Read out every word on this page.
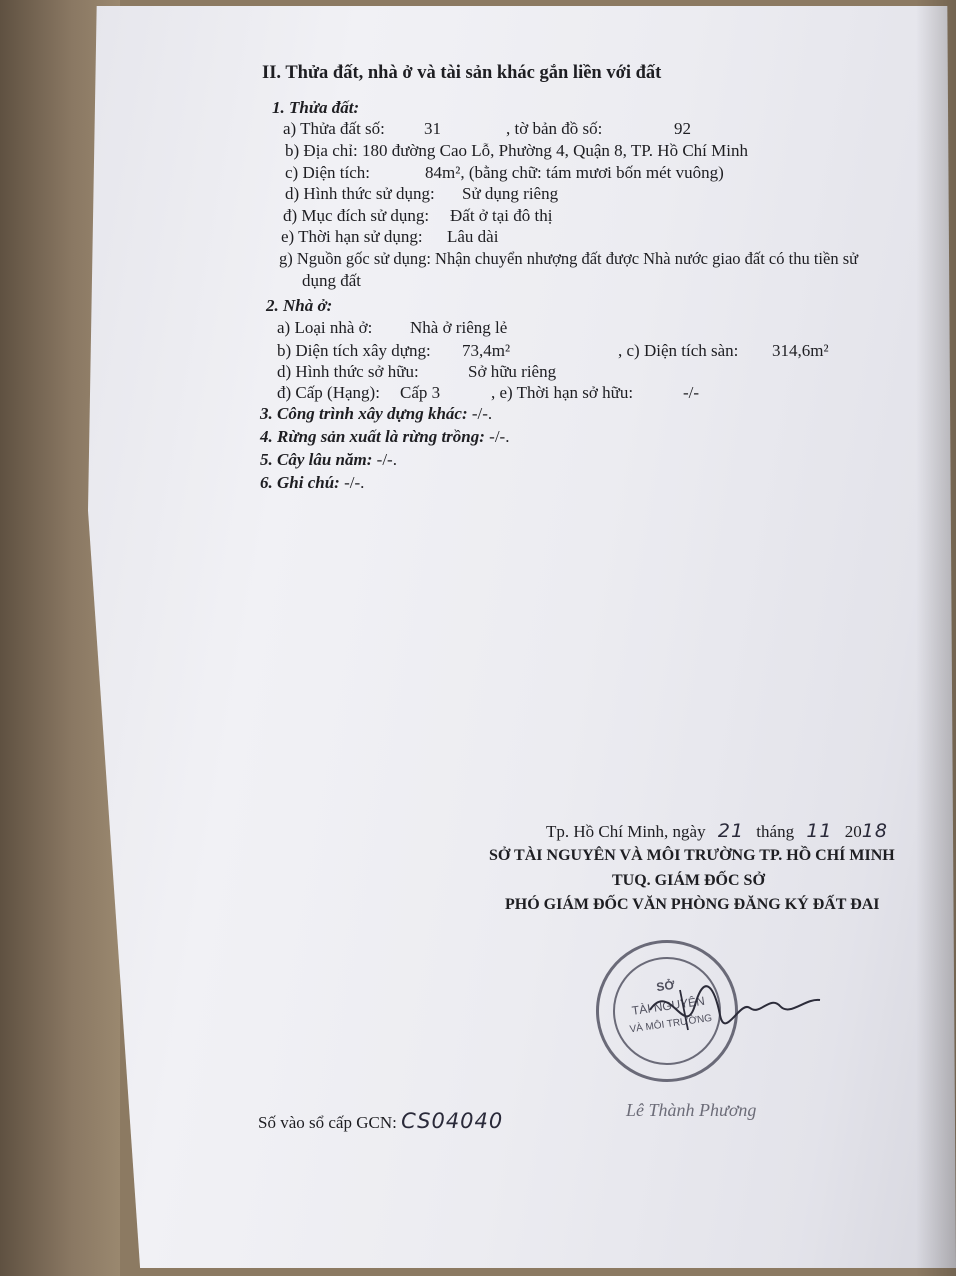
II. Thửa đất, nhà ở và tài sản khác gắn liền với đất
1. Thửa đất:
a) Thửa đất số: 31	, tờ bản đồ số:	92
b) Địa chỉ: 180 đường Cao Lỗ, Phường 4, Quận 8, TP. Hồ Chí Minh
c) Diện tích:	84m², (bằng chữ: tám mươi bốn mét vuông)
d) Hình thức sử dụng: Sử dụng riêng
đ) Mục đích sử dụng: Đất ở tại đô thị
e) Thời hạn sử dụng: Lâu dài
g) Nguồn gốc sử dụng: Nhận chuyển nhượng đất được Nhà nước giao đất có thu tiền sử
dụng đất
2. Nhà ở:
a) Loại nhà ở: Nhà ở riêng lẻ
b) Diện tích xây dựng: 73,4m²	, c) Diện tích sàn: 314,6m²
d) Hình thức sở hữu:	Sở hữu riêng
đ) Cấp (Hạng): Cấp 3	, e) Thời hạn sở hữu:	-/-
3. Công trình xây dựng khác: -/-.
4. Rừng sản xuất là rừng trồng: -/-.
5. Cây lâu năm: -/-.
6. Ghi chú: -/-.
Tp. Hồ Chí Minh, ngày 21 tháng 11 2018
SỞ TÀI NGUYÊN VÀ MÔI TRƯỜNG TP. HỒ CHÍ MINH
TUQ. GIÁM ĐỐC SỞ
PHÓ GIÁM ĐỐC VĂN PHÒNG ĐĂNG KÝ ĐẤT ĐAI
Số vào sổ cấp GCN: CS04040
SỞ
TÀI NGUYÊN
VÀ MÔI TRƯỜNG
Lê Thành Phương
